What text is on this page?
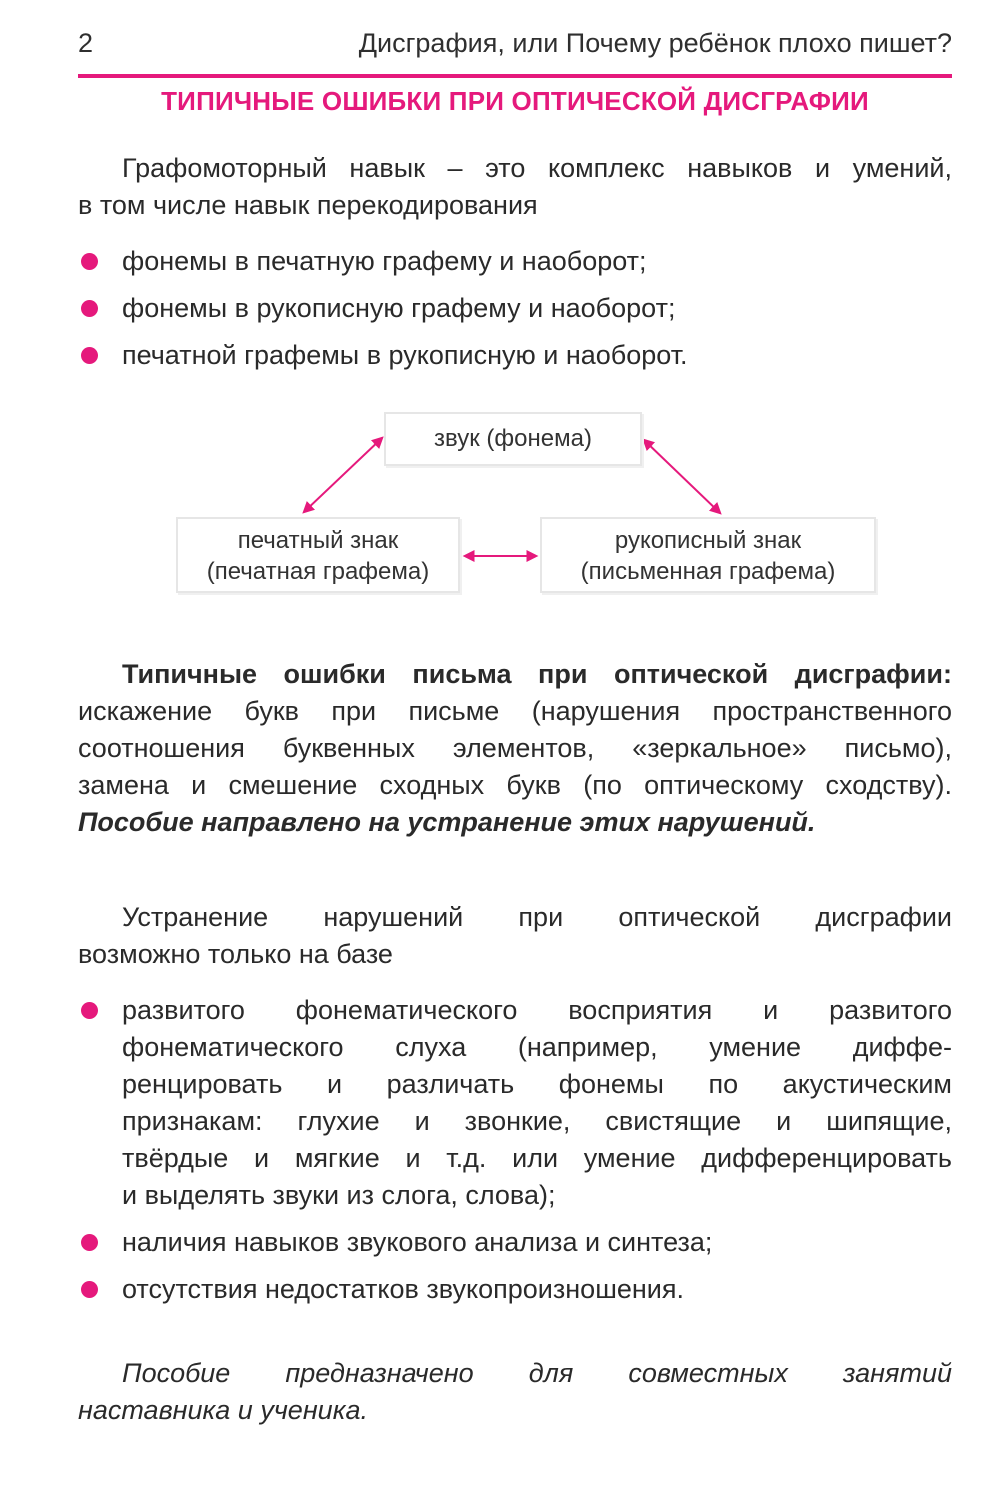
2	Дисграфия, или Почему ребёнок плохо пишет?
ТИПИЧНЫЕ ОШИБКИ ПРИ ОПТИЧЕСКОЙ ДИСГРАФИИ
Графомоторный навык – это комплекс навыков и умений,
в том числе навык перекодирования
фонемы в печатную графему и наоборот;
фонемы в рукописную графему и наоборот;
печатной графемы в рукописную и наоборот.
звук (фонема)
печатный знак
(печатная графема)
рукописный знак
(письменная графема)
Типичные ошибки письма при оптической дисграфии:
искажение букв при письме (нарушения пространственного
соотношения буквенных элементов, «зеркальное» письмо),
замена и смешение сходных букв (по оптическому сходству).
Пособие направлено на устранение этих нарушений.
Устранение нарушений при оптической дисграфии
возможно только на базе
развитого фонематического восприятия и развитого
фонематического слуха (например, умение диффе-
ренцировать и различать фонемы по акустическим
признакам: глухие и звонкие, свистящие и шипящие,
твёрдые и мягкие и т.д. или умение дифференцировать
и выделять звуки из слога, слова);
наличия навыков звукового анализа и синтеза;
отсутствия недостатков звукопроизношения.
Пособие предназначено для совместных занятий
наставника и ученика.
